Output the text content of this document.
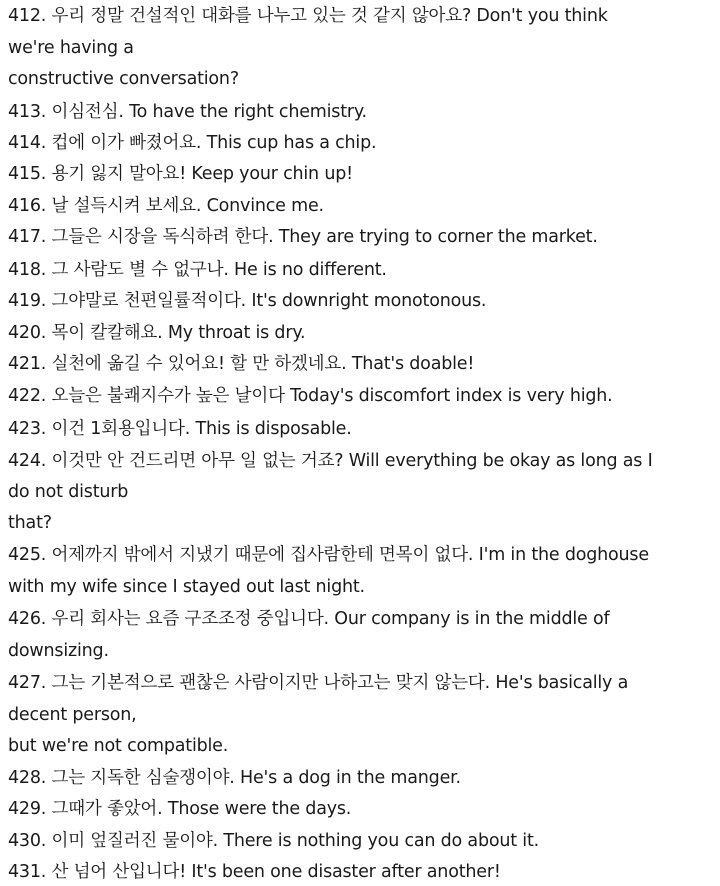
412. 우리 정말 건설적인 대화를 나누고 있는 것 같지 않아요? Don't you think
we're having a
constructive conversation?
413. 이심전심. To have the right chemistry.
414. 컵에 이가 빠졌어요. This cup has a chip.
415. 용기 잃지 말아요! Keep your chin up!
416. 날 설득시켜 보세요. Convince me.
417. 그들은 시장을 독식하려 한다. They are trying to corner the market.
418. 그 사람도 별 수 없구나. He is no different.
419. 그야말로 천편일률적이다. It's downright monotonous.
420. 목이 칼칼해요. My throat is dry.
421. 실천에 옮길 수 있어요! 할 만 하겠네요. That's doable!
422. 오늘은 불쾌지수가 높은 날이다 Today's discomfort index is very high.
423. 이건 1회용입니다. This is disposable.
424. 이것만 안 건드리면 아무 일 없는 거죠? Will everything be okay as long as I
do not disturb
that?
425. 어제까지 밖에서 지냈기 때문에 집사람한테 면목이 없다. I'm in the doghouse
with my wife since I stayed out last night.
426. 우리 회사는 요즘 구조조정 중입니다. Our company is in the middle of
downsizing.
427. 그는 기본적으로 괜찮은 사람이지만 나하고는 맞지 않는다. He's basically a
decent person,
but we're not compatible.
428. 그는 지독한 심술쟁이야. He's a dog in the manger.
429. 그때가 좋았어. Those were the days.
430. 이미 엎질러진 물이야. There is nothing you can do about it.
431. 산 넘어 산입니다! It's been one disaster after another!
